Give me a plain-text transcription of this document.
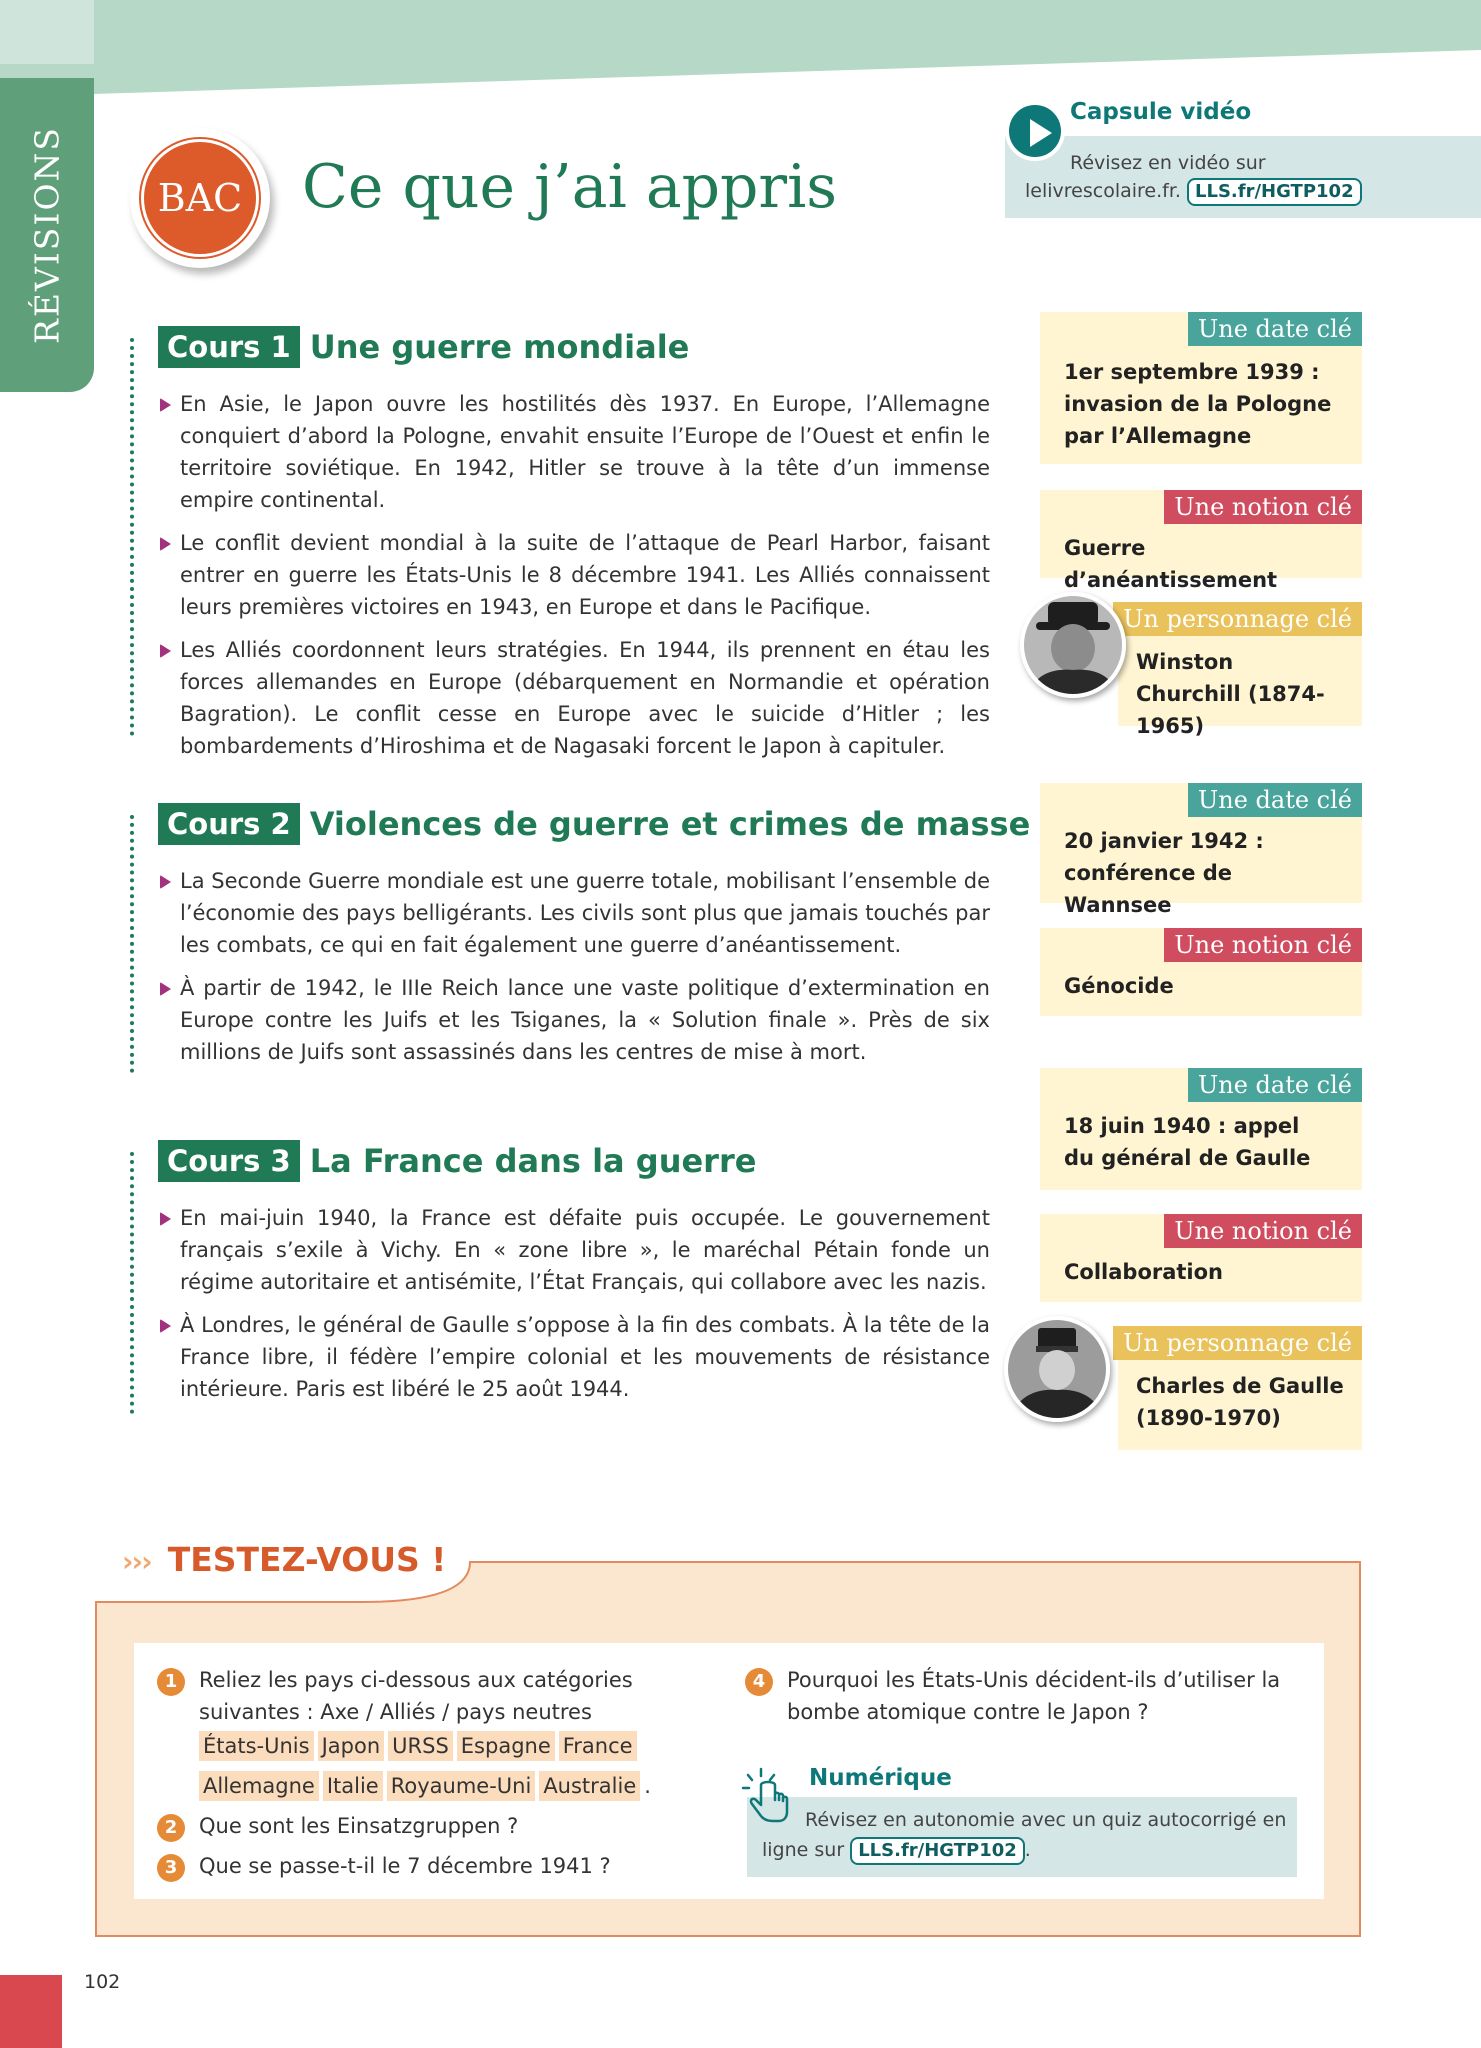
RÉVISIONS BAC Ce que j’ai appris
Capsule vidéo
Révisez en vidéo sur
lelivrescolaire.fr. LLS.fr/HGTP102
Cours 1 Une guerre mondiale
En Asie, le Japon ouvre les hostilités dès 1937. En Europe, l’Allemagne conquiert d’abord la Pologne, envahit ensuite l’Europe de l’Ouest et enfin le territoire soviétique. En 1942, Hitler se trouve à la tête d’un immense empire continental.
Le conflit devient mondial à la suite de l’attaque de Pearl Harbor, faisant entrer en guerre les États-Unis le 8 décembre 1941. Les Alliés connaissent leurs premières victoires en 1943, en Europe et dans le Pacifique.
Les Alliés coordonnent leurs stratégies. En 1944, ils prennent en étau les forces allemandes en Europe (débarquement en Normandie et opération Bagration). Le conflit cesse en Europe avec le suicide d’Hitler ; les bombardements d’Hiroshima et de Nagasaki forcent le Japon à capituler.
Cours 2 Violences de guerre et crimes de masse
La Seconde Guerre mondiale est une guerre totale, mobilisant l’ensemble de l’économie des pays belligérants. Les civils sont plus que jamais touchés par les combats, ce qui en fait également une guerre d’anéantissement.
À partir de 1942, le IIIe Reich lance une vaste politique d’extermination en Europe contre les Juifs et les Tsiganes, la « Solution finale ». Près de six millions de Juifs sont assassinés dans les centres de mise à mort.
Cours 3 La France dans la guerre
En mai-juin 1940, la France est défaite puis occupée. Le gouvernement français s’exile à Vichy. En « zone libre », le maréchal Pétain fonde un régime autoritaire et antisémite, l’État Français, qui collabore avec les nazis.
À Londres, le général de Gaulle s’oppose à la fin des combats. À la tête de la France libre, il fédère l’empire colonial et les mouvements de résistance intérieure. Paris est libéré le 25 août 1944.
Une date clé
1er septembre 1939 : invasion de la Pologne par l’Allemagne
Une notion clé
Guerre d’anéantissement
Un personnage clé
Winston Churchill (1874-1965)
Une date clé
20 janvier 1942 : conférence de Wannsee
Une notion clé
Génocide
Une date clé
18 juin 1940 : appel du général de Gaulle
Une notion clé
Collaboration
Un personnage clé
Charles de Gaulle (1890-1970)
››› TESTEZ-VOUS !
1	Reliez les pays ci-dessous aux catégories suivantes : Axe / Alliés / pays neutres
États-Unis Japon URSS Espagne France
Allemagne Italie Royaume-Uni Australie .
2	Que sont les Einsatzgruppen ?
3	Que se passe-t-il le 7 décembre 1941 ?
4	Pourquoi les États-Unis décident-ils d’utiliser la bombe atomique contre le Japon ?
Numérique
Révisez en autonomie avec un quiz autocorrigé en
ligne sur LLS.fr/HGTP102 .
102
